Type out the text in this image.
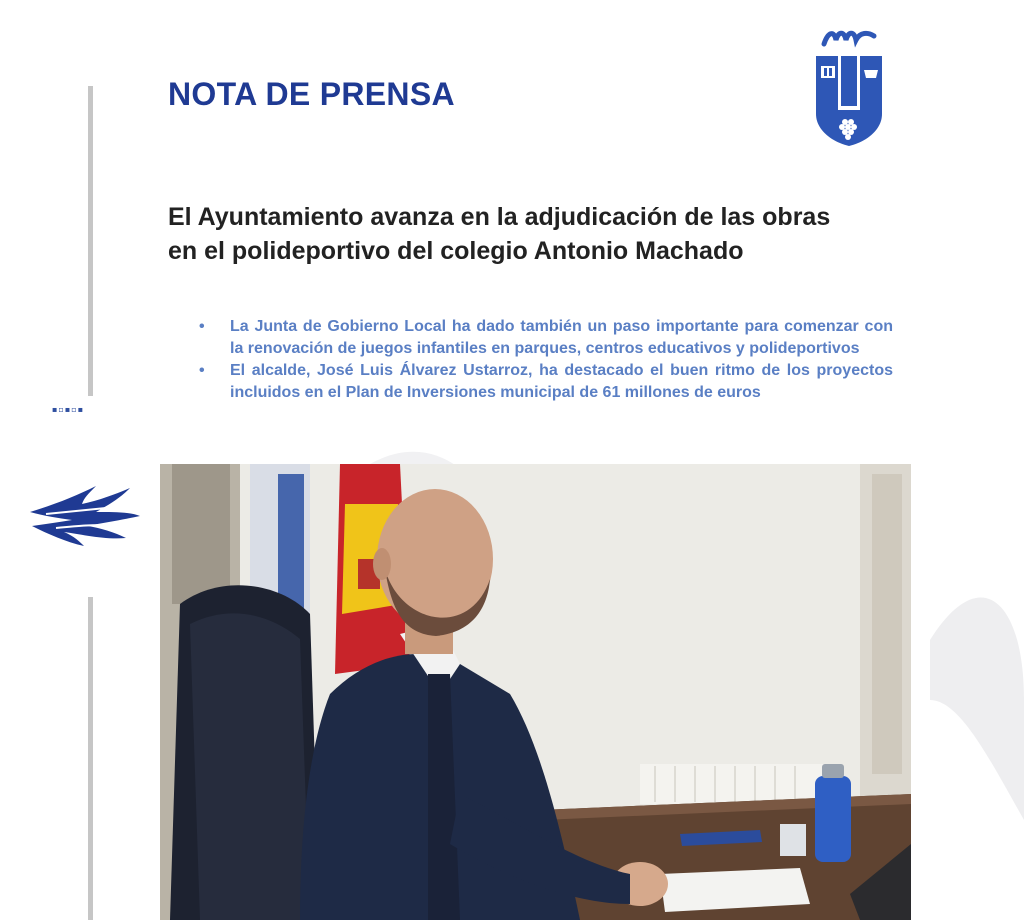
▪▫▪▫▪
NOTA DE PRENSA
El Ayuntamiento avanza en la adjudicación de las obras
en el polideportivo del colegio Antonio Machado
• La Junta de Gobierno Local ha dado también un paso importante para comenzar con la renovación de juegos infantiles en parques, centros educativos y polideportivos
• El alcalde, José Luis Álvarez Ustarroz, ha destacado el buen ritmo de los proyectos incluidos en el Plan de Inversiones municipal de 61 millones de euros
